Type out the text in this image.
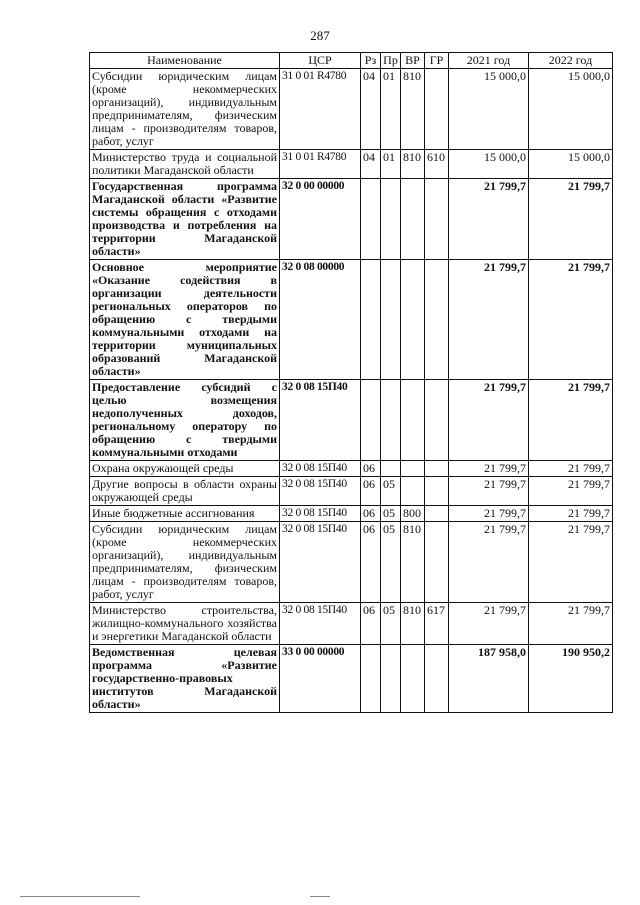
287
Наименование	ЦСР	Рз	Пр	ВР	ГР	2021 год	2022 год
Субсидии юридическим лицам (кроме некоммерческих организаций), индивидуальным предпринимателям, физическим лицам - производителям товаров, работ, услуг	31 0 01 R4780	04	01	810		15 000,0	15 000,0
Министерство труда и социальной политики Магаданской области	31 0 01 R4780	04	01	810	610	15 000,0	15 000,0
Государственная программа Магаданской области «Развитие системы обращения с отходами производства и потребления на территории Магаданской области»	32 0 00 00000					21 799,7	21 799,7
Основное мероприятие «Оказание содействия в организации деятельности региональных операторов по обращению с твердыми коммунальными отходами на территории муниципальных образований Магаданской области»	32 0 08 00000					21 799,7	21 799,7
Предоставление субсидий с целью возмещения недополученных доходов, региональному оператору по обращению с твердыми коммунальными отходами	32 0 08 15П40					21 799,7	21 799,7
Охрана окружающей среды	32 0 08 15П40	06				21 799,7	21 799,7
Другие вопросы в области охраны окружающей среды	32 0 08 15П40	06	05			21 799,7	21 799,7
Иные бюджетные ассигнования	32 0 08 15П40	06	05	800		21 799,7	21 799,7
Субсидии юридическим лицам (кроме некоммерческих организаций), индивидуальным предпринимателям, физическим лицам - производителям товаров, работ, услуг	32 0 08 15П40	06	05	810		21 799,7	21 799,7
Министерство строительства, жилищно-коммунального хозяйства и энергетики Магаданской области	32 0 08 15П40	06	05	810	617	21 799,7	21 799,7
Ведомственная целевая программа «Развитие государственно-правовых институтов Магаданской области»	33 0 00 00000					187 958,0	190 950,2
